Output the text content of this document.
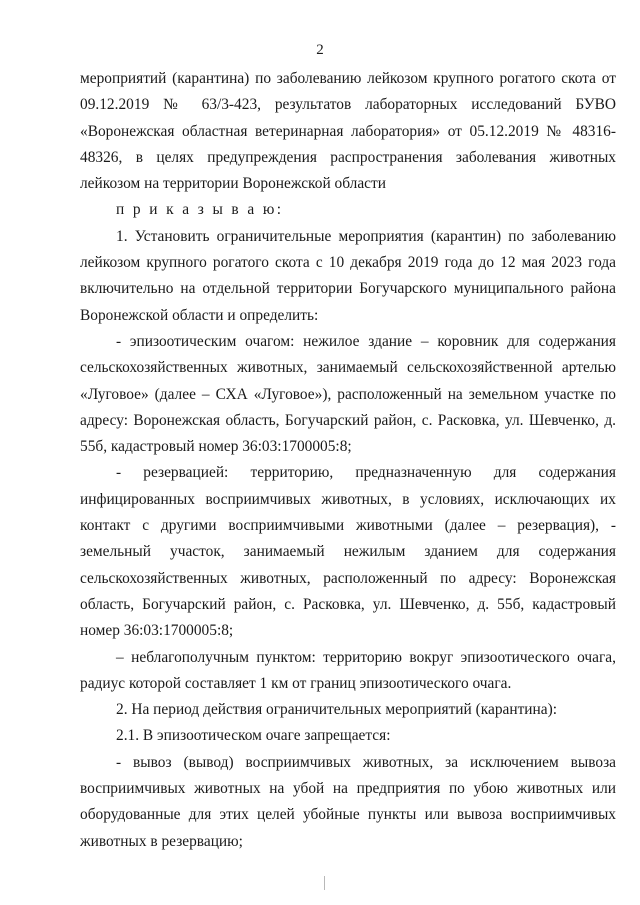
2

мероприятий (карантина) по заболеванию лейкозом крупного рогатого скота от 09.12.2019 № 63/3-423, результатов лабораторных исследований БУВО «Воронежская областная ветеринарная лаборатория» от 05.12.2019 № 48316-48326, в целях предупреждения распространения заболевания животных лейкозом на территории Воронежской области

п р и к а з ы в а ю:

1. Установить ограничительные мероприятия (карантин) по заболеванию лейкозом крупного рогатого скота с 10 декабря 2019 года до 12 мая 2023 года включительно на отдельной территории Богучарского муниципального района Воронежской области и определить:

- эпизоотическим очагом: нежилое здание – коровник для содержания сельскохозяйственных животных, занимаемый сельскохозяйственной артелью «Луговое» (далее – СХА «Луговое»), расположенный на земельном участке по адресу: Воронежская область, Богучарский район, с. Расковка, ул. Шевченко, д. 55б, кадастровый номер 36:03:1700005:8;

- резервацией: территорию, предназначенную для содержания инфицированных восприимчивых животных, в условиях, исключающих их контакт с другими восприимчивыми животными (далее – резервация), - земельный участок, занимаемый нежилым зданием для содержания сельскохозяйственных животных, расположенный по адресу: Воронежская область, Богучарский район, с. Расковка, ул. Шевченко, д. 55б, кадастровый номер 36:03:1700005:8;

– неблагополучным пунктом: территорию вокруг эпизоотического очага, радиус которой составляет 1 км от границ эпизоотического очага.

2. На период действия ограничительных мероприятий (карантина):

2.1. В эпизоотическом очаге запрещается:

- вывоз (вывод) восприимчивых животных, за исключением вывоза восприимчивых животных на убой на предприятия по убою животных или оборудованные для этих целей убойные пункты или вывоза восприимчивых животных в резервацию;
